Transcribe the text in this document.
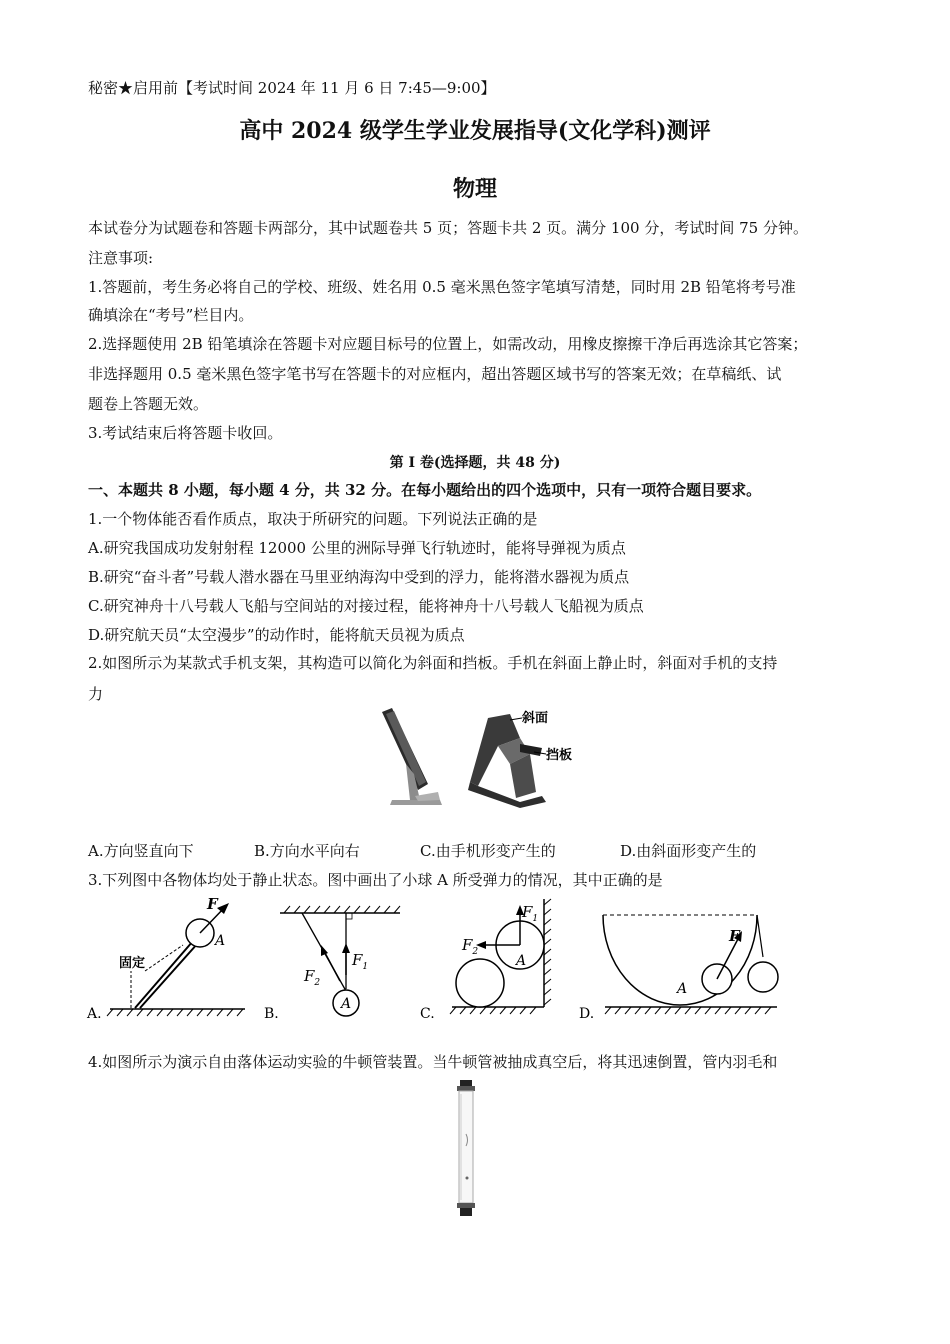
秘密★启用前【考试时间 2024 年 11 月 6 日 7:45—9:00】
高中 2024 级学生学业发展指导(文化学科)测评
物理
本试卷分为试题卷和答题卡两部分，其中试题卷共 5 页；答题卡共 2 页。满分 100 分，考试时间 75 分钟。
注意事项:
1.答题前，考生务必将自己的学校、班级、姓名用 0.5 毫米黑色签字笔填写清楚，同时用 2B 铅笔将考号准
确填涂在“考号”栏目内。
2.选择题使用 2B 铅笔填涂在答题卡对应题目标号的位置上，如需改动，用橡皮擦擦干净后再选涂其它答案；
非选择题用 0.5 毫米黑色签字笔书写在答题卡的对应框内，超出答题区域书写的答案无效；在草稿纸、试
题卷上答题无效。
3.考试结束后将答题卡收回。
第 I 卷(选择题，共 48 分)
一、本题共 8 小题，每小题 4 分，共 32 分。在每小题给出的四个选项中，只有一项符合题目要求。
1.一个物体能否看作质点，取决于所研究的问题。下列说法正确的是
A.研究我国成功发射射程 12000 公里的洲际导弹飞行轨迹时，能将导弹视为质点
B.研究“奋斗者”号载人潜水器在马里亚纳海沟中受到的浮力，能将潜水器视为质点
C.研究神舟十八号载人飞船与空间站的对接过程，能将神舟十八号载人飞船视为质点
D.研究航天员“太空漫步”的动作时，能将航天员视为质点
2.如图所示为某款式手机支架，其构造可以简化为斜面和挡板。手机在斜面上静止时，斜面对手机的支持
力
斜面
挡板
A.方向竖直向下	B.方向水平向右	C.由手机形变产生的	D.由斜面形变产生的
3.下列图中各物体均处于静止状态。图中画出了小球 A 所受弹力的情况，其中正确的是
A.
固定
F
A
B.
$F_1$
$F_2$
A
C.
$F_1$
$F_2$
A
D.
F
A
4.如图所示为演示自由落体运动实验的牛顿管装置。当牛顿管被抽成真空后，将其迅速倒置，管内羽毛和
